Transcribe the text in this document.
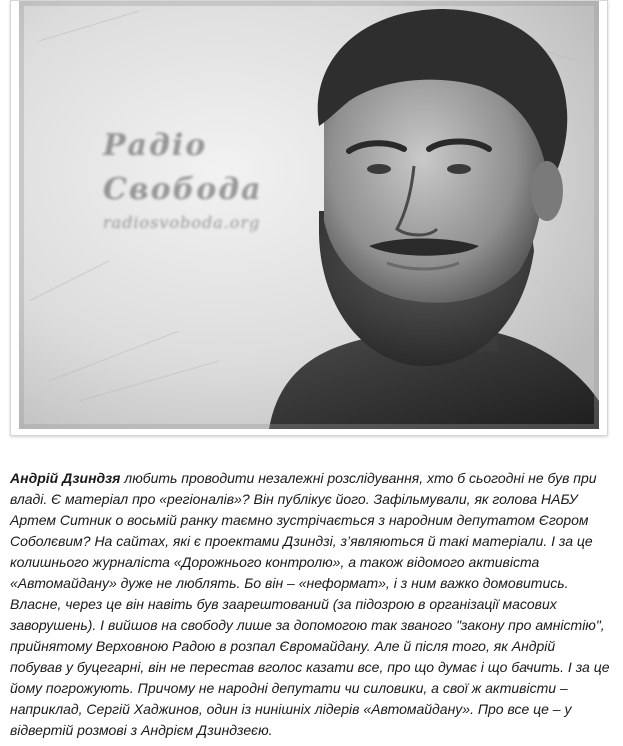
Радіо
Свобода
radiosvoboda.org

Андрій Дзиндзя любить проводити незалежні розслідування, хто б сьогодні не був при владі. Є матеріал про «регіоналів»? Він публікує його. Зафільмували, як голова НАБУ Артем Ситник о восьмій ранку таємно зустрічається з народним депутатом Єгором Соболєвим? На сайтах, які є проектами Дзиндзі, з’являються й такі матеріали. І за це колишнього журналіста «Дорожнього контролю», а також відомого активіста «Автомайдану» дуже не люблять. Бо він – «неформат», і з ним важко домовитись. Власне, через це він навіть був заарештований (за підозрою в організації масових заворушень). І вийшов на свободу лише за допомогою так званого "закону про амністію", прийнятому Верховною Радою в розпал Євромайдану. Але й після того, як Андрій побував у буцегарні, він не перестав вголос казати все, про що думає і що бачить. І за це йому погрожують. Причому не народні депутати чи силовики, а свої ж активісти – наприклад, Сергій Хаджинов, один із нинішніх лідерів «Автомайдану». Про все це – у відвертій розмові з Андрієм Дзиндзеєю.
